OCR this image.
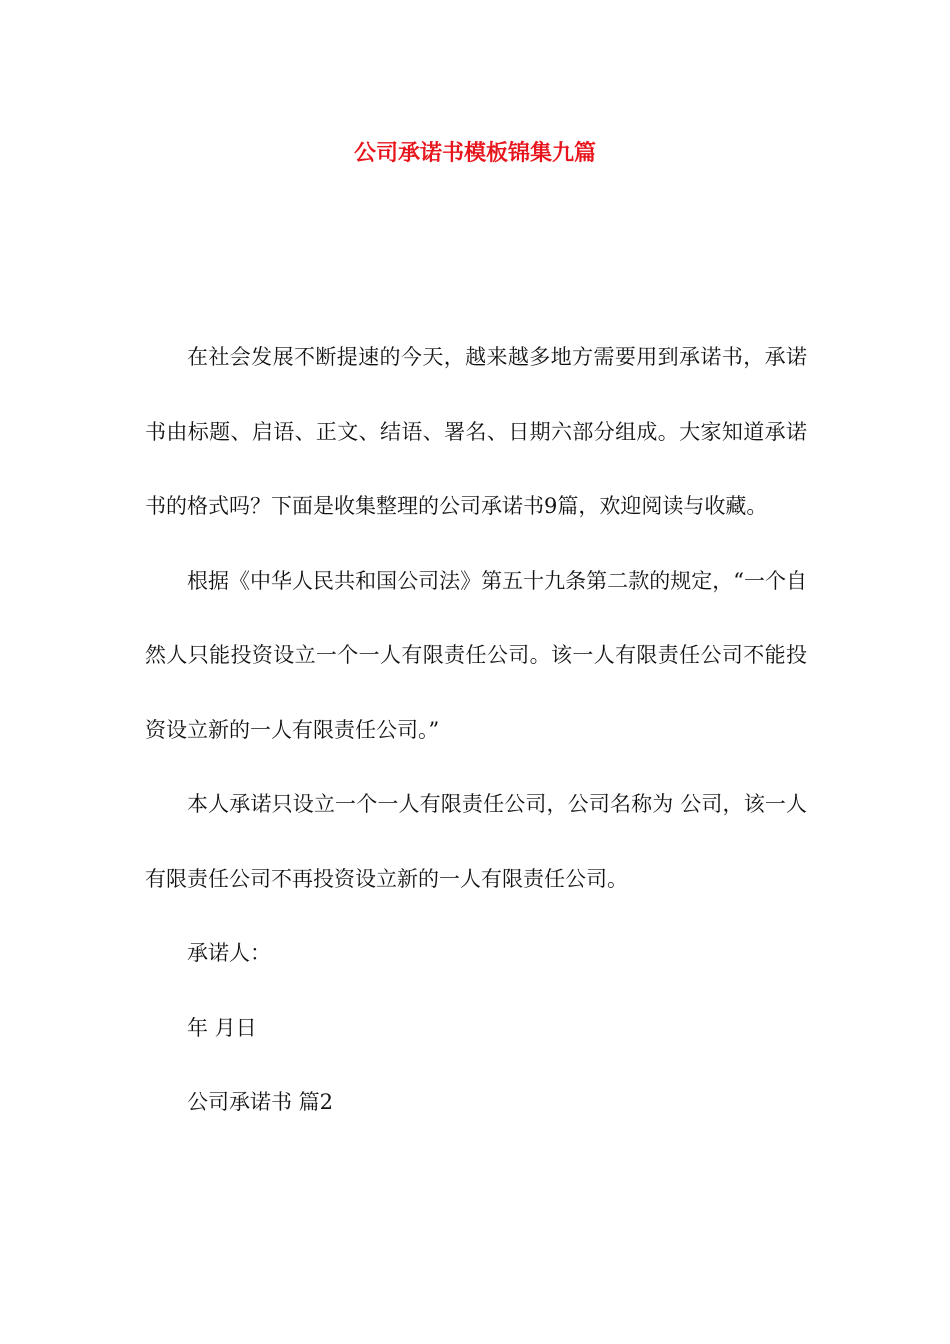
公司承诺书模板锦集九篇

在社会发展不断提速的今天，越来越多地方需要用到承诺书，承诺书由标题、启语、正文、结语、署名、日期六部分组成。大家知道承诺书的格式吗？下面是收集整理的公司承诺书9篇，欢迎阅读与收藏。

根据《中华人民共和国公司法》第五十九条第二款的规定，“一个自然人只能投资设立一个一人有限责任公司。该一人有限责任公司不能投资设立新的一人有限责任公司。”

本人承诺只设立一个一人有限责任公司，公司名称为 公司，该一人有限责任公司不再投资设立新的一人有限责任公司。

承诺人：

年 月日

公司承诺书 篇2
